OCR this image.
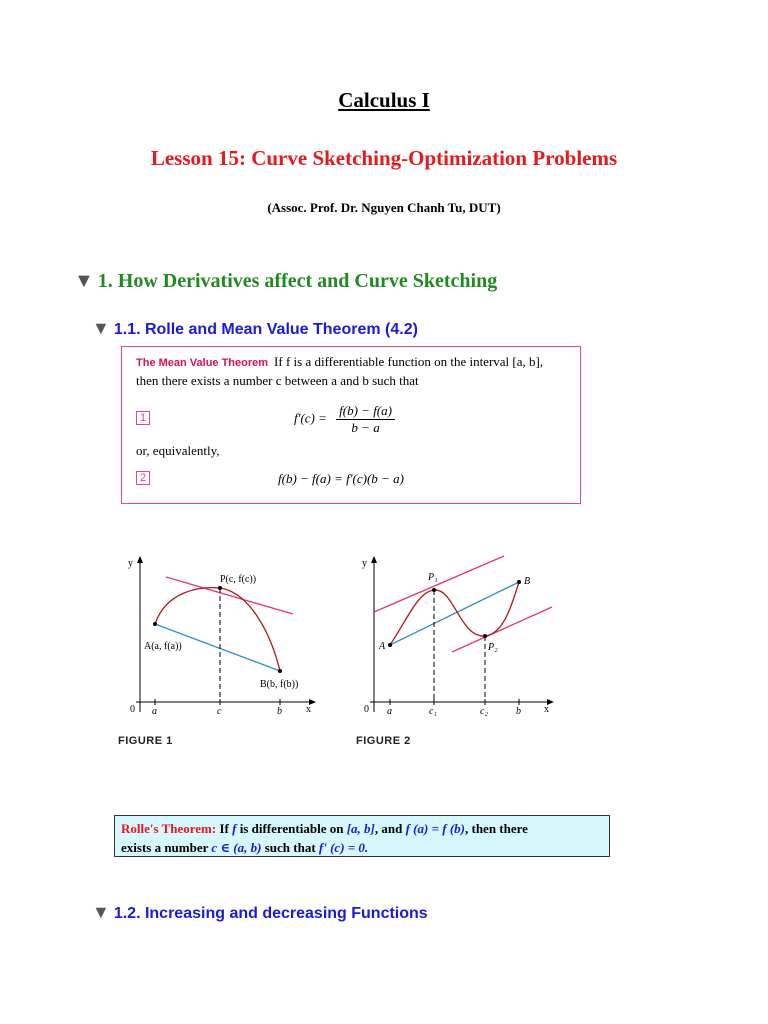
Calculus I
Lesson 15: Curve Sketching-Optimization Problems
(Assoc. Prof. Dr. Nguyen Chanh Tu, DUT)
▼ 1. How Derivatives affect and Curve Sketching
▼ 1.1. Rolle and Mean Value Theorem (4.2)
The Mean Value Theorem If f is a differentiable function on the interval [a, b],
then there exists a number c between a and b such that
1	$f'(c) = \frac{f(b) - f(a)}{b - a}$
or, equivalently,
2	f(b) − f(a) = f′(c)(b − a)
y
x
0 a	c	b
P(c, f(c))
A(a, f(a))
B(b, f(b))
FIGURE 1
y
x
0 a	c₁	c₂	b
P₁
P₂
A
B
FIGURE 2
Rolle's Theorem: If f is differentiable on [a, b], and f (a) = f (b), then there
exists a number c ∈ (a, b) such that f' (c) = 0.
▼ 1.2. Increasing and decreasing Functions
